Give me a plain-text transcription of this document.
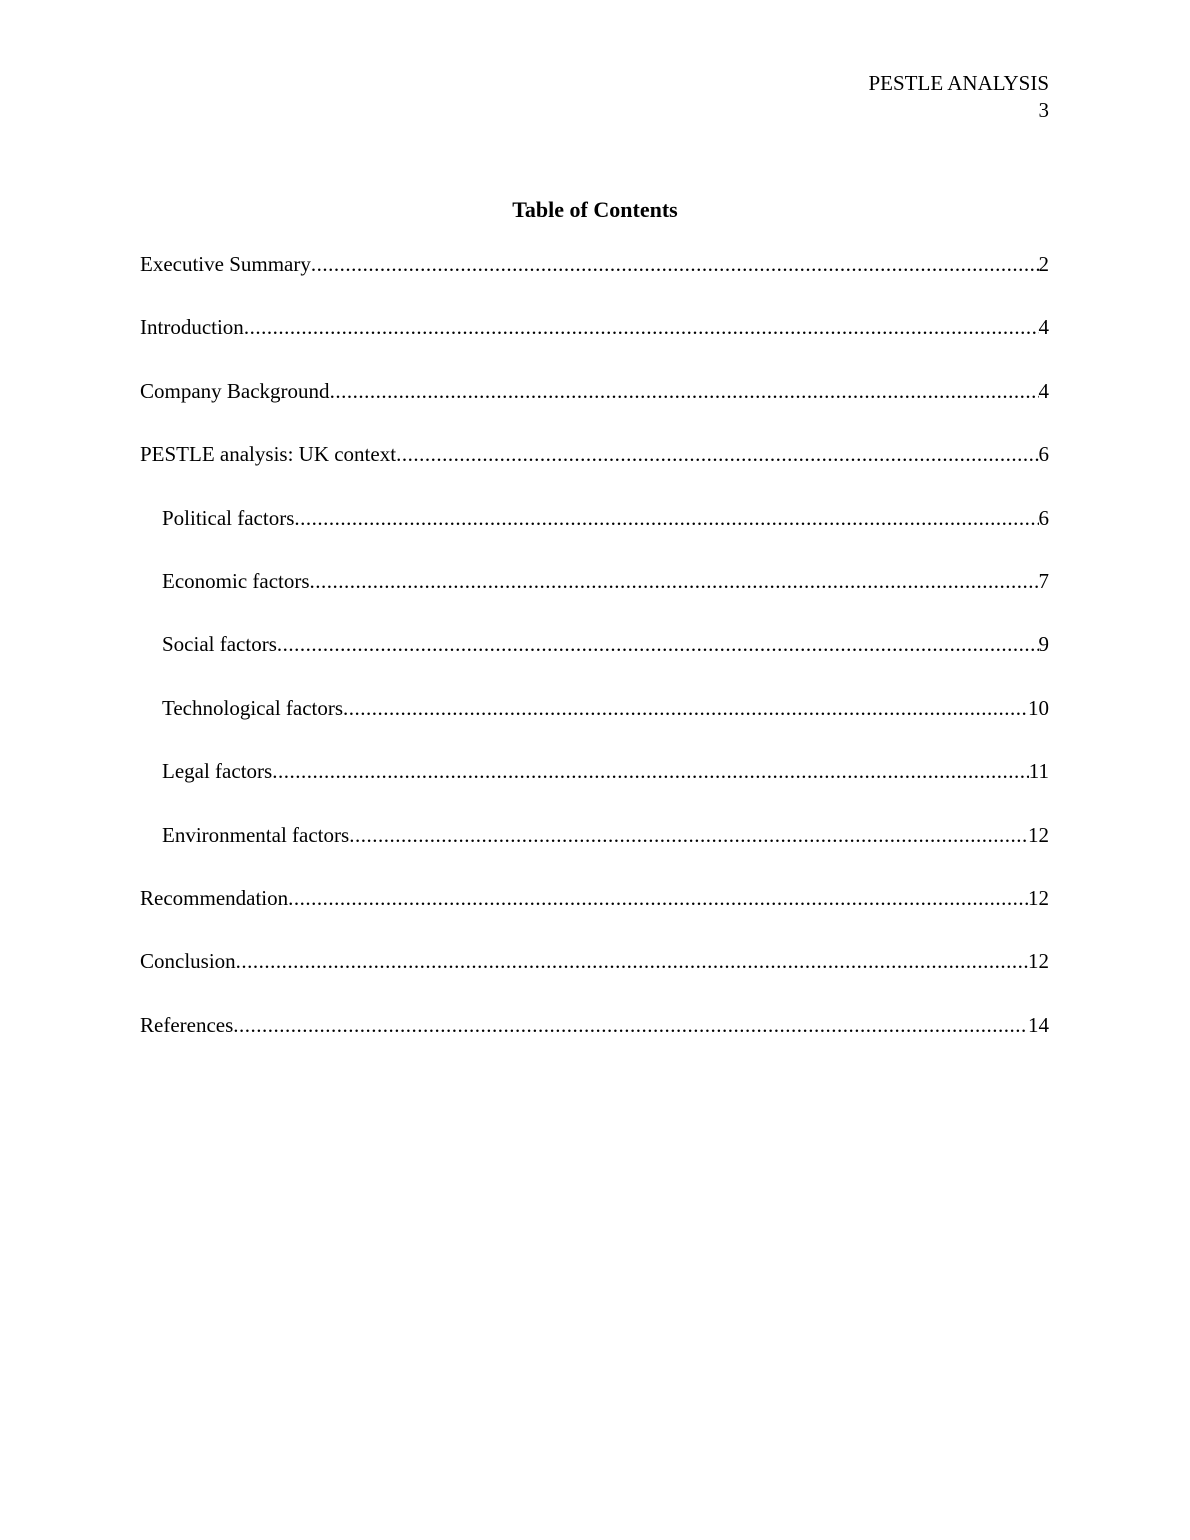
PESTLE ANALYSIS
3
Table of Contents
Executive Summary .....	2
Introduction .....	4
Company Background .....	4
PESTLE analysis: UK context .....	6
Political factors .....	6
Economic factors .....	7
Social factors .....	9
Technological factors .....	10
Legal factors .....	11
Environmental factors .....	12
Recommendation .....	12
Conclusion .....	12
References .....	14
